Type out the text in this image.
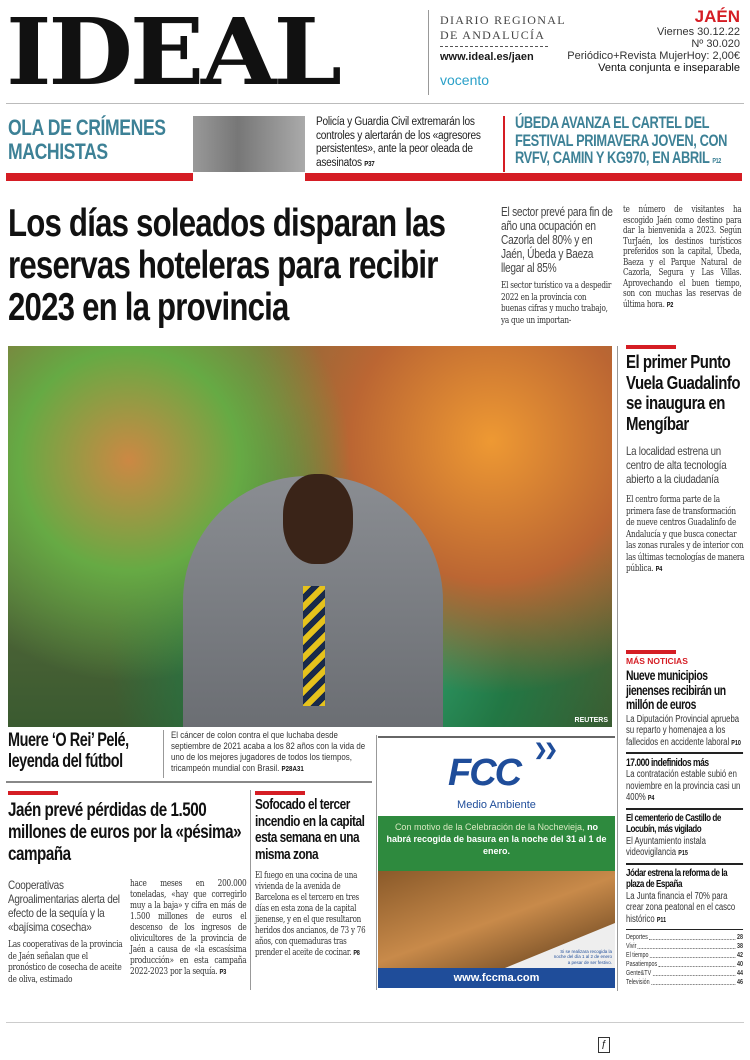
IDEAL	DIARIO REGIONAL
DE ANDALUCÍA
www.ideal.es/jaen
vocento
JAÉN
Viernes 30.12.22
Nº 30.020
Periódico+Revista MujerHoy: 2,00€
Venta conjunta e inseparable
OLA DE CRÍMENES
MACHISTAS
Policía y Guardia Civil extremarán los controles y alertarán de los «agresores persistentes», ante la peor oleada de asesinatos P37
ÚBEDA AVANZA EL CARTEL DEL FESTIVAL PRIMAVERA JOVEN, CON RVFV, CAMIN Y KG970, EN ABRIL P12
Los días soleados disparan las reservas hoteleras para recibir 2023 en la provincia
El sector prevé para fin de año una ocupación en Cazorla del 80% y en Jaén, Úbeda y Baeza llegar al 85%
El sector turístico va a despedir 2022 en la provincia con buenas cifras y mucho trabajo, ya que un importan-
te número de visitantes ha escogido Jaén como destino para dar la bienvenida a 2023. Según TurJaén, los destinos turísticos preferidos son la capital, Úbeda, Baeza y el Parque Natural de Cazorla, Segura y Las Villas. Aprovechando el buen tiempo, son con muchas las reservas de última hora. P2
REUTERS
Muere ‘O Rei’ Pelé, leyenda del fútbol
El cáncer de colon contra el que luchaba desde septiembre de 2021 acaba a los 82 años con la vida de uno de los mejores jugadores de todos los tiempos, tricampeón mundial con Brasil. P28A31
El primer Punto Vuela Guadalinfo se inaugura en Mengíbar
La localidad estrena un centro de alta tecnología abierto a la ciudadanía
El centro forma parte de la primera fase de transformación de nueve centros Guadalinfo de Andalucía y que busca conectar las zonas rurales y de interior con las últimas tecnologías de manera pública. P4
MÁS NOTICIAS
Nueve municipios jienenses recibirán un millón de euros
La Diputación Provincial aprueba su reparto y homenajea a los fallecidos en accidente laboral P10
17.000 indefinidos más
La contratación estable subió en noviembre en la provincia casi un 400% P4
El cementerio de Castillo de Locubín, más vigilado
El Ayuntamiento instala videovigilancia P15
Jódar estrena la reforma de la plaza de España
La Junta financia el 70% para crear zona peatonal en el casco histórico P11
Deportes	28
Vivir	38
El tiempo	42
Pasatiempos	40
Gente&TV	44
Televisión	46
Jaén prevé pérdidas de 1.500 millones de euros por la «pésima» campaña
Cooperativas Agroalimentarias alerta del efecto de la sequía y la «bajísima cosecha»
Las cooperativas de la provincia de Jaén señalan que el pronóstico de cosecha de aceite de oliva, estimado
hace meses en 200.000 toneladas, «hay que corregirlo muy a la baja» y cifra en más de 1.500 millones de euros el descenso de los ingresos de olivicultores de la provincia de Jaén a causa de «la escasísima producción» en esta campaña 2022-2023 por la sequía. P3
Sofocado el tercer incendio en la capital esta semana en una misma zona
El fuego en una cocina de una vivienda de la avenida de Barcelona es el tercero en tres días en esta zona de la capital jienense, y en el que resultaron heridos dos ancianos, de 73 y 76 años, con quemaduras tras prender el aceite de cocinar. P8
❯❯
FCC
Medio Ambiente
Con motivo de la Celebración de la Nochevieja, no habrá recogida de basura en la noche del 31 al 1 de enero.
Si se realizara recogida la noche del día 1 al 2 de enero a pesar de ser festivo.
www.fccma.com
ƒ
